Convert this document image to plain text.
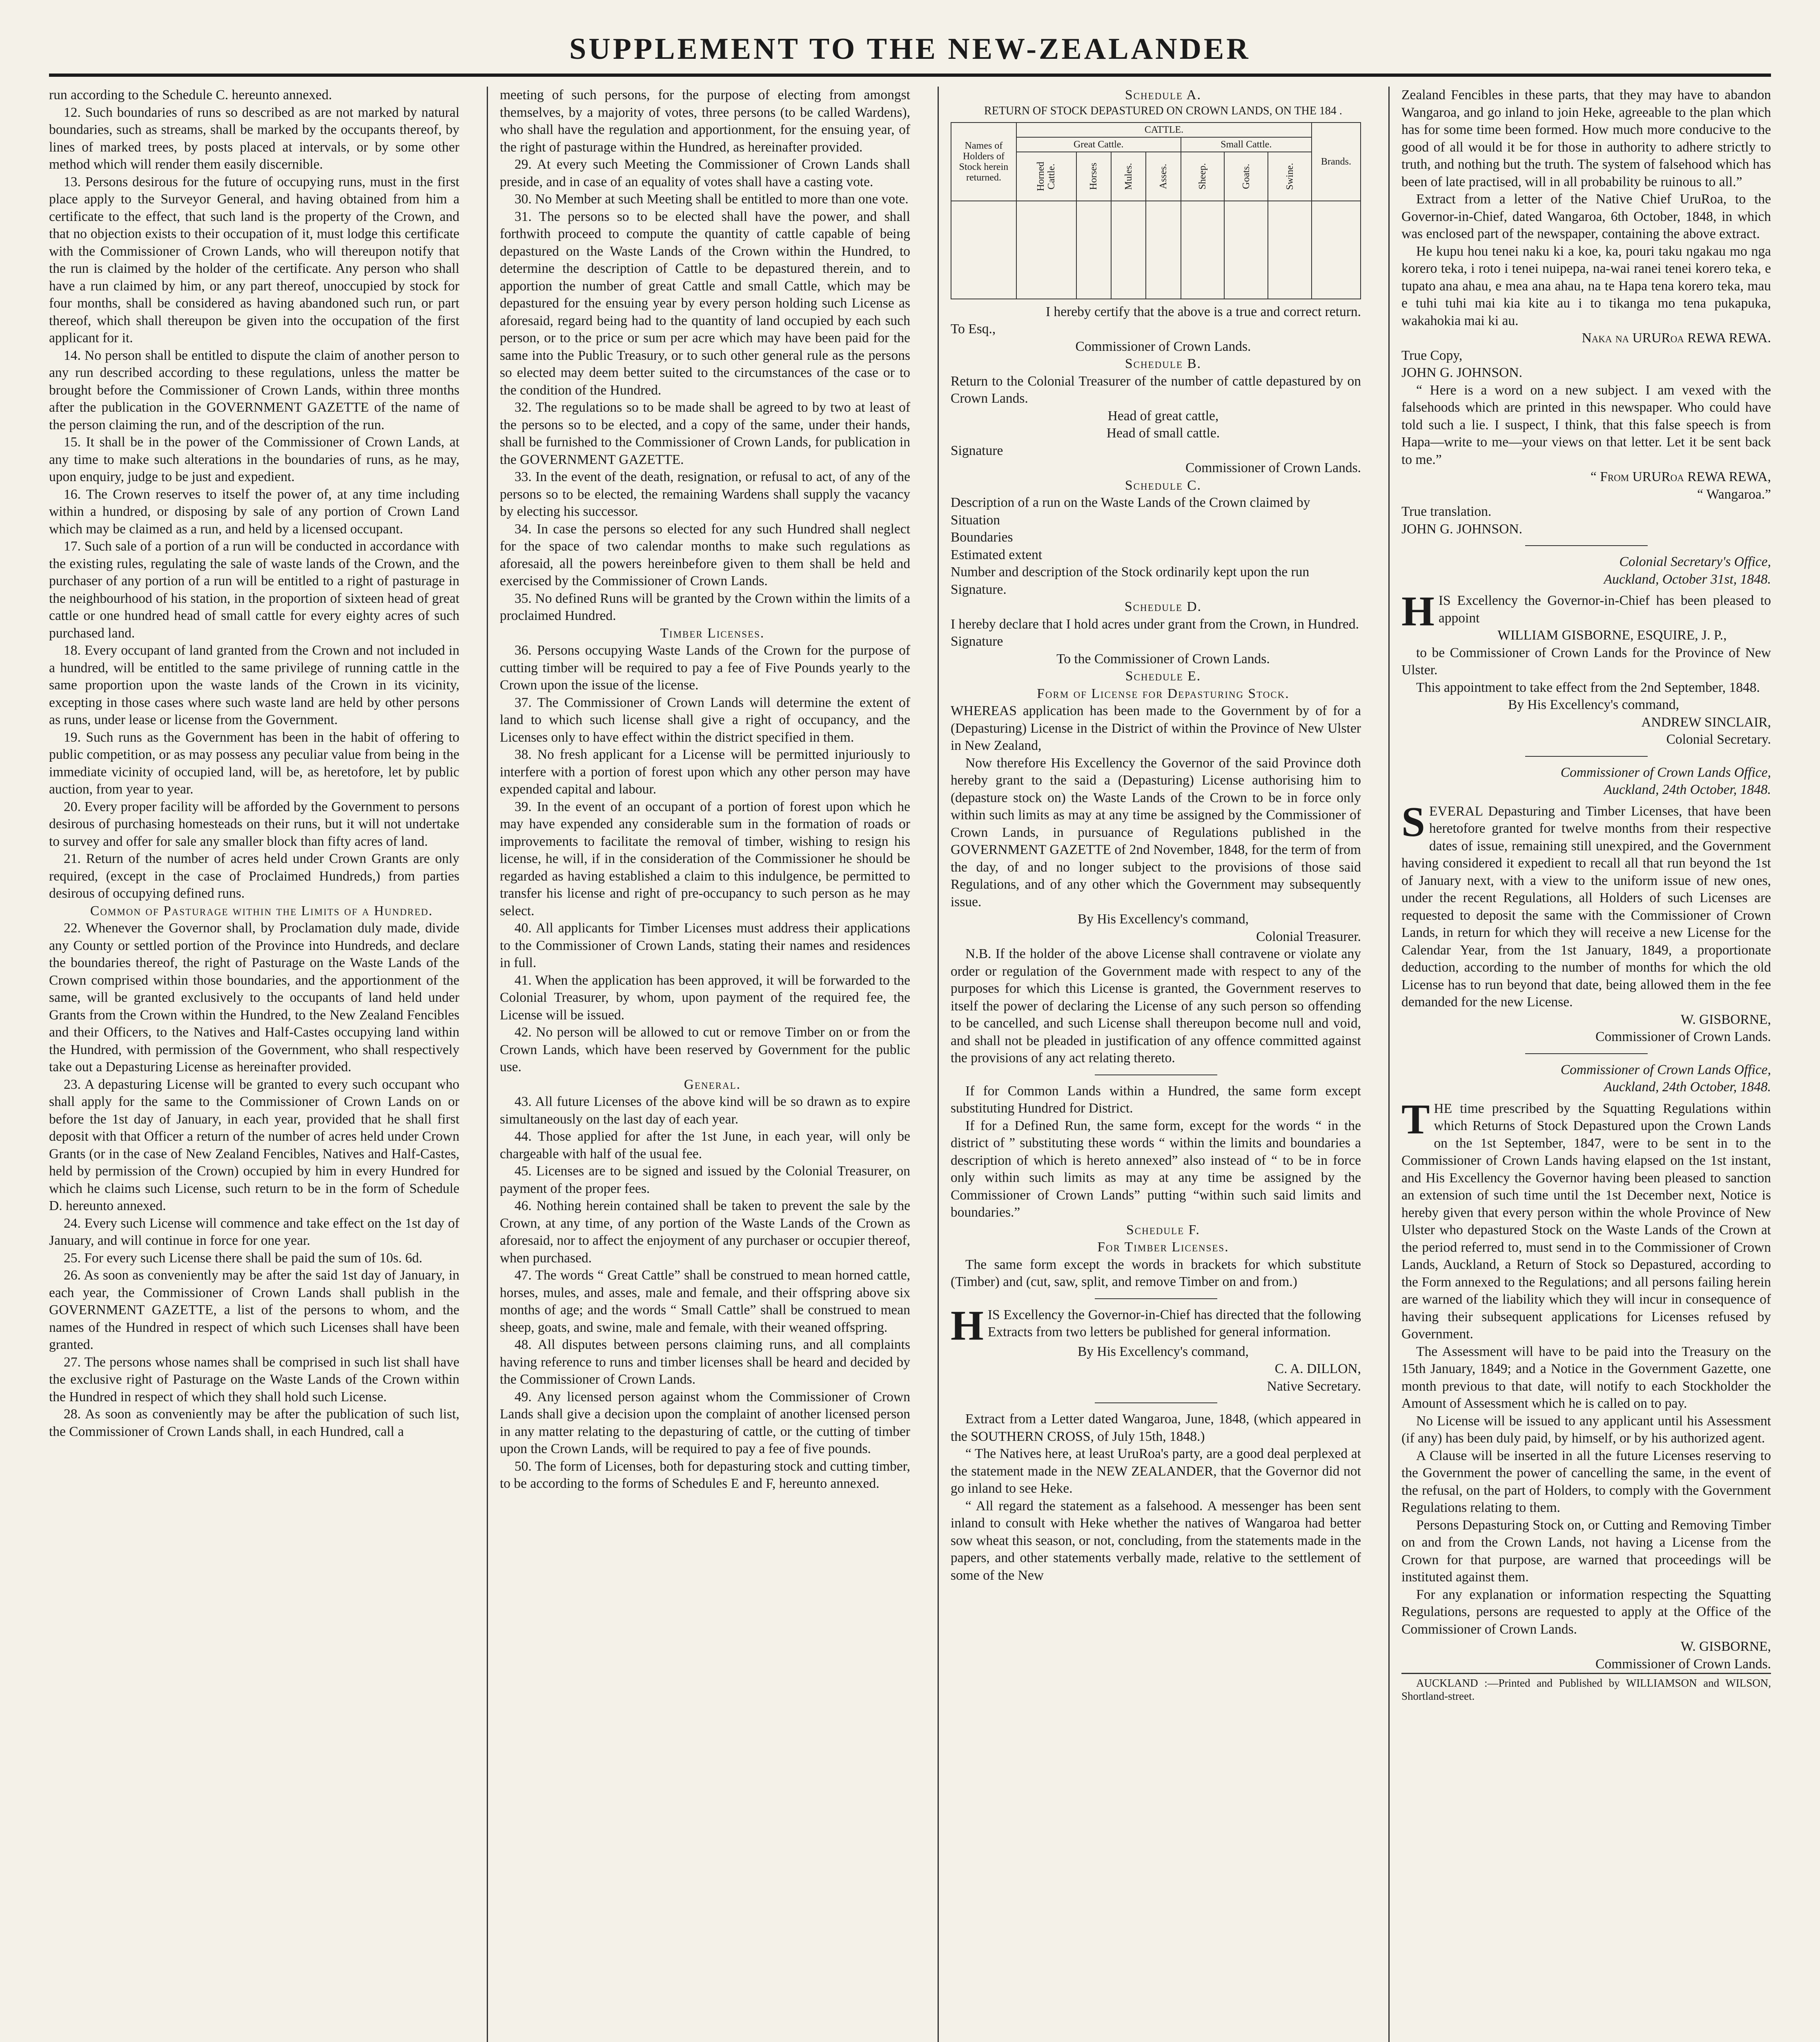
SUPPLEMENT TO THE NEW-ZEALANDER

run according to the Schedule C. hereunto annexed.

12. Such boundaries of runs so described as are not marked by natural boundaries, such as streams, shall be marked by the occupants thereof, by lines of marked trees, by posts placed at intervals, or by some other method which will render them easily discernible.

13. Persons desirous for the future of occupying runs, must in the first place apply to the Surveyor General, and having obtained from him a certificate to the effect, that such land is the property of the Crown, and that no objection exists to their occupation of it, must lodge this certificate with the Commissioner of Crown Lands, who will thereupon notify that the run is claimed by the holder of the certificate. Any person who shall have a run claimed by him, or any part thereof, unoccupied by stock for four months, shall be considered as having abandoned such run, or part thereof, which shall thereupon be given into the occupation of the first applicant for it.

14. No person shall be entitled to dispute the claim of another person to any run described according to these regulations, unless the matter be brought before the Commissioner of Crown Lands, within three months after the publication in the GOVERNMENT GAZETTE of the name of the person claiming the run, and of the description of the run.

15. It shall be in the power of the Commissioner of Crown Lands, at any time to make such alterations in the boundaries of runs, as he may, upon enquiry, judge to be just and expedient.

16. The Crown reserves to itself the power of, at any time including within a hundred, or disposing by sale of any portion of Crown Land which may be claimed as a run, and held by a licensed occupant.

17. Such sale of a portion of a run will be conducted in accordance with the existing rules, regulating the sale of waste lands of the Crown, and the purchaser of any portion of a run will be entitled to a right of pasturage in the neighbourhood of his station, in the proportion of sixteen head of great cattle or one hundred head of small cattle for every eighty acres of such purchased land.

18. Every occupant of land granted from the Crown and not included in a hundred, will be entitled to the same privilege of running cattle in the same proportion upon the waste lands of the Crown in its vicinity, excepting in those cases where such waste land are held by other persons as runs, under lease or license from the Government.

19. Such runs as the Government has been in the habit of offering to public competition, or as may possess any peculiar value from being in the immediate vicinity of occupied land, will be, as heretofore, let by public auction, from year to year.

20. Every proper facility will be afforded by the Government to persons desirous of purchasing homesteads on their runs, but it will not undertake to survey and offer for sale any smaller block than fifty acres of land.

21. Return of the number of acres held under Crown Grants are only required, (except in the case of Proclaimed Hundreds,) from parties desirous of occupying defined runs.

Common of Pasturage within the Limits of a Hundred.

22. Whenever the Governor shall, by Proclamation duly made, divide any County or settled portion of the Province into Hundreds, and declare the boundaries thereof, the right of Pasturage on the Waste Lands of the Crown comprised within those boundaries, and the apportionment of the same, will be granted exclusively to the occupants of land held under Grants from the Crown within the Hundred, to the New Zealand Fencibles and their Officers, to the Natives and Half-Castes occupying land within the Hundred, with permission of the Government, who shall respectively take out a Depasturing License as hereinafter provided.

23. A depasturing License will be granted to every such occupant who shall apply for the same to the Commissioner of Crown Lands on or before the 1st day of January, in each year, provided that he shall first deposit with that Officer a return of the number of acres held under Crown Grants (or in the case of New Zealand Fencibles, Natives and Half-Castes, held by permission of the Crown) occupied by him in every Hundred for which he claims such License, such return to be in the form of Schedule D. hereunto annexed.

24. Every such License will commence and take effect on the 1st day of January, and will continue in force for one year.

25. For every such License there shall be paid the sum of 10s. 6d.

26. As soon as conveniently may be after the said 1st day of January, in each year, the Commissioner of Crown Lands shall publish in the GOVERNMENT GAZETTE, a list of the persons to whom, and the names of the Hundred in respect of which such Licenses shall have been granted.

27. The persons whose names shall be comprised in such list shall have the exclusive right of Pasturage on the Waste Lands of the Crown within the Hundred in respect of which they shall hold such License.

28. As soon as conveniently may be after the publication of such list, the Commissioner of Crown Lands shall, in each Hundred, call a

meeting of such persons, for the purpose of electing from amongst themselves, by a majority of votes, three persons (to be called Wardens), who shall have the regulation and apportionment, for the ensuing year, of the right of pasturage within the Hundred, as hereinafter provided.

29. At every such Meeting the Commissioner of Crown Lands shall preside, and in case of an equality of votes shall have a casting vote.

30. No Member at such Meeting shall be entitled to more than one vote.

31. The persons so to be elected shall have the power, and shall forthwith proceed to compute the quantity of cattle capable of being depastured on the Waste Lands of the Crown within the Hundred, to determine the description of Cattle to be depastured therein, and to apportion the number of great Cattle and small Cattle, which may be depastured for the ensuing year by every person holding such License as aforesaid, regard being had to the quantity of land occupied by each such person, or to the price or sum per acre which may have been paid for the same into the Public Treasury, or to such other general rule as the persons so elected may deem better suited to the circumstances of the case or to the condition of the Hundred.

32. The regulations so to be made shall be agreed to by two at least of the persons so to be elected, and a copy of the same, under their hands, shall be furnished to the Commissioner of Crown Lands, for publication in the GOVERNMENT GAZETTE.

33. In the event of the death, resignation, or refusal to act, of any of the persons so to be elected, the remaining Wardens shall supply the vacancy by electing his successor.

34. In case the persons so elected for any such Hundred shall neglect for the space of two calendar months to make such regulations as aforesaid, all the powers hereinbefore given to them shall be held and exercised by the Commissioner of Crown Lands.

35. No defined Runs will be granted by the Crown within the limits of a proclaimed Hundred.

Timber Licenses.

36. Persons occupying Waste Lands of the Crown for the purpose of cutting timber will be required to pay a fee of Five Pounds yearly to the Crown upon the issue of the license.

37. The Commissioner of Crown Lands will determine the extent of land to which such license shall give a right of occupancy, and the Licenses only to have effect within the district specified in them.

38. No fresh applicant for a License will be permitted injuriously to interfere with a portion of forest upon which any other person may have expended capital and labour.

39. In the event of an occupant of a portion of forest upon which he may have expended any considerable sum in the formation of roads or improvements to facilitate the removal of timber, wishing to resign his license, he will, if in the consideration of the Commissioner he should be regarded as having established a claim to this indulgence, be permitted to transfer his license and right of pre-occupancy to such person as he may select.

40. All applicants for Timber Licenses must address their applications to the Commissioner of Crown Lands, stating their names and residences in full.

41. When the application has been approved, it will be forwarded to the Colonial Treasurer, by whom, upon payment of the required fee, the License will be issued.

42. No person will be allowed to cut or remove Timber on or from the Crown Lands, which have been reserved by Government for the public use.

General.

43. All future Licenses of the above kind will be so drawn as to expire simultaneously on the last day of each year.

44. Those applied for after the 1st June, in each year, will only be chargeable with half of the usual fee.

45. Licenses are to be signed and issued by the Colonial Treasurer, on payment of the proper fees.

46. Nothing herein contained shall be taken to prevent the sale by the Crown, at any time, of any portion of the Waste Lands of the Crown as aforesaid, nor to affect the enjoyment of any purchaser or occupier thereof, when purchased.

47. The words “ Great Cattle” shall be construed to mean horned cattle, horses, mules, and asses, male and female, and their offspring above six months of age; and the words “ Small Cattle” shall be construed to mean sheep, goats, and swine, male and female, with their weaned offspring.

48. All disputes between persons claiming runs, and all complaints having reference to runs and timber licenses shall be heard and decided by the Commissioner of Crown Lands.

49. Any licensed person against whom the Commissioner of Crown Lands shall give a decision upon the complaint of another licensed person in any matter relating to the depasturing of cattle, or the cutting of timber upon the Crown Lands, will be required to pay a fee of five pounds.

50. The form of Licenses, both for depasturing stock and cutting timber, to be according to the forms of Schedules E and F, hereunto annexed.

Schedule A.

RETURN OF STOCK DEPASTURED ON CROWN LANDS, ON THE 184 .

Names of Holders of Stock herein returned.	CATTLE.							Brands.
	Great Cattle.				Small Cattle.			

	Horned Cattle.	Horses	Mules.	Asses.	Sheep.	Goats.	Swine.	

I hereby certify that the above is a true and correct return.

To Esq.,

Commissioner of Crown Lands.

Schedule B.

Return to the Colonial Treasurer of the number of cattle depastured by on Crown Lands.

Head of great cattle,

Head of small cattle.

Signature

Commissioner of Crown Lands.

Schedule C.

Description of a run on the Waste Lands of the Crown claimed by

Situation

Boundaries

Estimated extent

Number and description of the Stock ordinarily kept upon the run

Signature.

Schedule D.

I hereby declare that I hold acres under grant from the Crown, in Hundred.

Signature

To the Commissioner of Crown Lands.

Schedule E.

Form of License for Depasturing Stock.

WHEREAS application has been made to the Government by of for a (Depasturing) License in the District of within the Province of New Ulster in New Zealand,

Now therefore His Excellency the Governor of the said Province doth hereby grant to the said a (Depasturing) License authorising him to (depasture stock on) the Waste Lands of the Crown to be in force only within such limits as may at any time be assigned by the Commissioner of Crown Lands, in pursuance of Regulations published in the GOVERNMENT GAZETTE of 2nd November, 1848, for the term of from the day, of and no longer subject to the provisions of those said Regulations, and of any other which the Government may subsequently issue.

By His Excellency's command,

Colonial Treasurer.

N.B. If the holder of the above License shall contravene or violate any order or regulation of the Government made with respect to any of the purposes for which this License is granted, the Government reserves to itself the power of declaring the License of any such person so offending to be cancelled, and such License shall thereupon become null and void, and shall not be pleaded in justification of any offence committed against the provisions of any act relating thereto.

If for Common Lands within a Hundred, the same form except substituting Hundred for District.

If for a Defined Run, the same form, except for the words “ in the district of ” substituting these words “ within the limits and boundaries a description of which is hereto annexed” also instead of “ to be in force only within such limits as may at any time be assigned by the Commissioner of Crown Lands” putting “within such said limits and boundaries.”

Schedule F.

For Timber Licenses.

The same form except the words in brackets for which substitute (Timber) and (cut, saw, split, and remove Timber on and from.)

HIS Excellency the Governor-in-Chief has directed that the following Extracts from two letters be published for general information.

By His Excellency's command,

C. A. DILLON,

Native Secretary.

Extract from a Letter dated Wangaroa, June, 1848, (which appeared in the SOUTHERN CROSS, of July 15th, 1848.)

“ The Natives here, at least UruRoa's party, are a good deal perplexed at the statement made in the NEW ZEALANDER, that the Governor did not go inland to see Heke.

“ All regard the statement as a falsehood. A messenger has been sent inland to consult with Heke whether the natives of Wangaroa had better sow wheat this season, or not, concluding, from the statements made in the papers, and other statements verbally made, relative to the settlement of some of the New

Zealand Fencibles in these parts, that they may have to abandon Wangaroa, and go inland to join Heke, agreeable to the plan which has for some time been formed. How much more conducive to the good of all would it be for those in authority to adhere strictly to truth, and nothing but the truth. The system of falsehood which has been of late practised, will in all probability be ruinous to all.”

Extract from a letter of the Native Chief UruRoa, to the Governor-in-Chief, dated Wangaroa, 6th October, 1848, in which was enclosed part of the newspaper, containing the above extract.

He kupu hou tenei naku ki a koe, ka, pouri taku ngakau mo nga korero teka, i roto i tenei nuipepa, na-wai ranei tenei korero teka, e tupato ana ahau, e mea ana ahau, na te Hapa tena korero teka, mau e tuhi tuhi mai kia kite au i to tikanga mo tena pukapuka, wakahokia mai ki au.

Naka na URURoa REWA REWA.

True Copy,

JOHN G. JOHNSON.

“ Here is a word on a new subject. I am vexed with the falsehoods which are printed in this newspaper. Who could have told such a lie. I suspect, I think, that this false speech is from Hapa—write to me—your views on that letter. Let it be sent back to me.”

“ From URURoa REWA REWA,

“ Wangaroa.”

True translation.

JOHN G. JOHNSON.

Colonial Secretary's Office,

Auckland, October 31st, 1848.

HIS Excellency the Governor-in-Chief has been pleased to appoint

WILLIAM GISBORNE, ESQUIRE, J. P.,

to be Commissioner of Crown Lands for the Province of New Ulster.

This appointment to take effect from the 2nd September, 1848.

By His Excellency's command,

ANDREW SINCLAIR,

Colonial Secretary.

Commissioner of Crown Lands Office,

Auckland, 24th October, 1848.

SEVERAL Depasturing and Timber Licenses, that have been heretofore granted for twelve months from their respective dates of issue, remaining still unexpired, and the Government having considered it expedient to recall all that run beyond the 1st of January next, with a view to the uniform issue of new ones, under the recent Regulations, all Holders of such Licenses are requested to deposit the same with the Commissioner of Crown Lands, in return for which they will receive a new License for the Calendar Year, from the 1st January, 1849, a proportionate deduction, according to the number of months for which the old License has to run beyond that date, being allowed them in the fee demanded for the new License.

W. GISBORNE,

Commissioner of Crown Lands.

Commissioner of Crown Lands Office,

Auckland, 24th October, 1848.

THE time prescribed by the Squatting Regulations within which Returns of Stock Depastured upon the Crown Lands on the 1st September, 1847, were to be sent in to the Commissioner of Crown Lands having elapsed on the 1st instant, and His Excellency the Governor having been pleased to sanction an extension of such time until the 1st December next, Notice is hereby given that every person within the whole Province of New Ulster who depastured Stock on the Waste Lands of the Crown at the period referred to, must send in to the Commissioner of Crown Lands, Auckland, a Return of Stock so Depastured, according to the Form annexed to the Regulations; and all persons failing herein are warned of the liability which they will incur in consequence of having their subsequent applications for Licenses refused by Government.

The Assessment will have to be paid into the Treasury on the 15th January, 1849; and a Notice in the Government Gazette, one month previous to that date, will notify to each Stockholder the Amount of Assessment which he is called on to pay.

No License will be issued to any applicant until his Assessment (if any) has been duly paid, by himself, or by his authorized agent.

A Clause will be inserted in all the future Licenses reserving to the Government the power of cancelling the same, in the event of the refusal, on the part of Holders, to comply with the Government Regulations relating to them.

Persons Depasturing Stock on, or Cutting and Removing Timber on and from the Crown Lands, not having a License from the Crown for that purpose, are warned that proceedings will be instituted against them.

For any explanation or information respecting the Squatting Regulations, persons are requested to apply at the Office of the Commissioner of Crown Lands.

W. GISBORNE,

Commissioner of Crown Lands.

AUCKLAND :—Printed and Published by WILLIAMSON and WILSON, Shortland-street.
